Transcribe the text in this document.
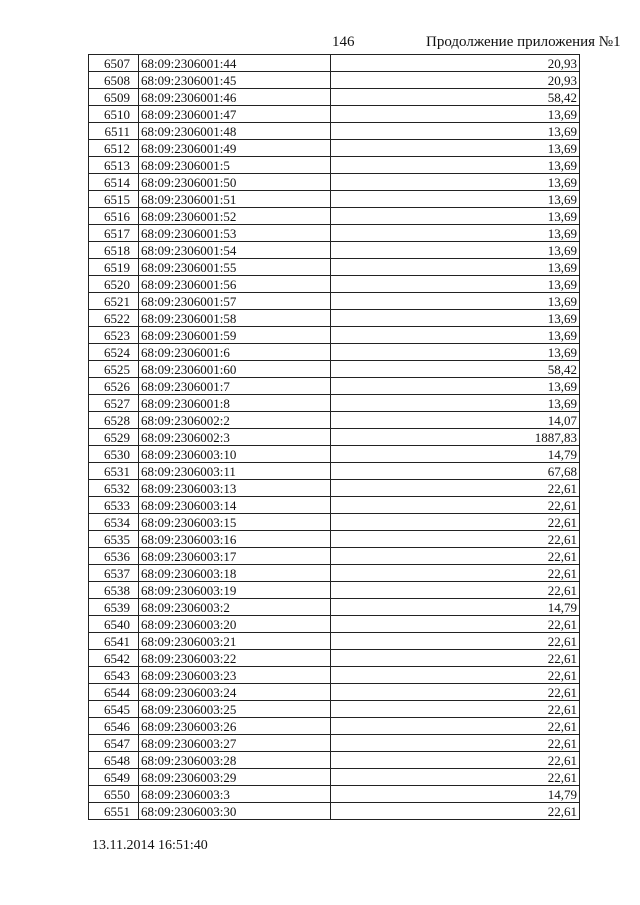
146	Продолжение приложения №1
6507	68:09:2306001:44	20,93
6508	68:09:2306001:45	20,93
6509	68:09:2306001:46	58,42
6510	68:09:2306001:47	13,69
6511	68:09:2306001:48	13,69
6512	68:09:2306001:49	13,69
6513	68:09:2306001:5	13,69
6514	68:09:2306001:50	13,69
6515	68:09:2306001:51	13,69
6516	68:09:2306001:52	13,69
6517	68:09:2306001:53	13,69
6518	68:09:2306001:54	13,69
6519	68:09:2306001:55	13,69
6520	68:09:2306001:56	13,69
6521	68:09:2306001:57	13,69
6522	68:09:2306001:58	13,69
6523	68:09:2306001:59	13,69
6524	68:09:2306001:6	13,69
6525	68:09:2306001:60	58,42
6526	68:09:2306001:7	13,69
6527	68:09:2306001:8	13,69
6528	68:09:2306002:2	14,07
6529	68:09:2306002:3	1887,83
6530	68:09:2306003:10	14,79
6531	68:09:2306003:11	67,68
6532	68:09:2306003:13	22,61
6533	68:09:2306003:14	22,61
6534	68:09:2306003:15	22,61
6535	68:09:2306003:16	22,61
6536	68:09:2306003:17	22,61
6537	68:09:2306003:18	22,61
6538	68:09:2306003:19	22,61
6539	68:09:2306003:2	14,79
6540	68:09:2306003:20	22,61
6541	68:09:2306003:21	22,61
6542	68:09:2306003:22	22,61
6543	68:09:2306003:23	22,61
6544	68:09:2306003:24	22,61
6545	68:09:2306003:25	22,61
6546	68:09:2306003:26	22,61
6547	68:09:2306003:27	22,61
6548	68:09:2306003:28	22,61
6549	68:09:2306003:29	22,61
6550	68:09:2306003:3	14,79
6551	68:09:2306003:30	22,61
13.11.2014 16:51:40
